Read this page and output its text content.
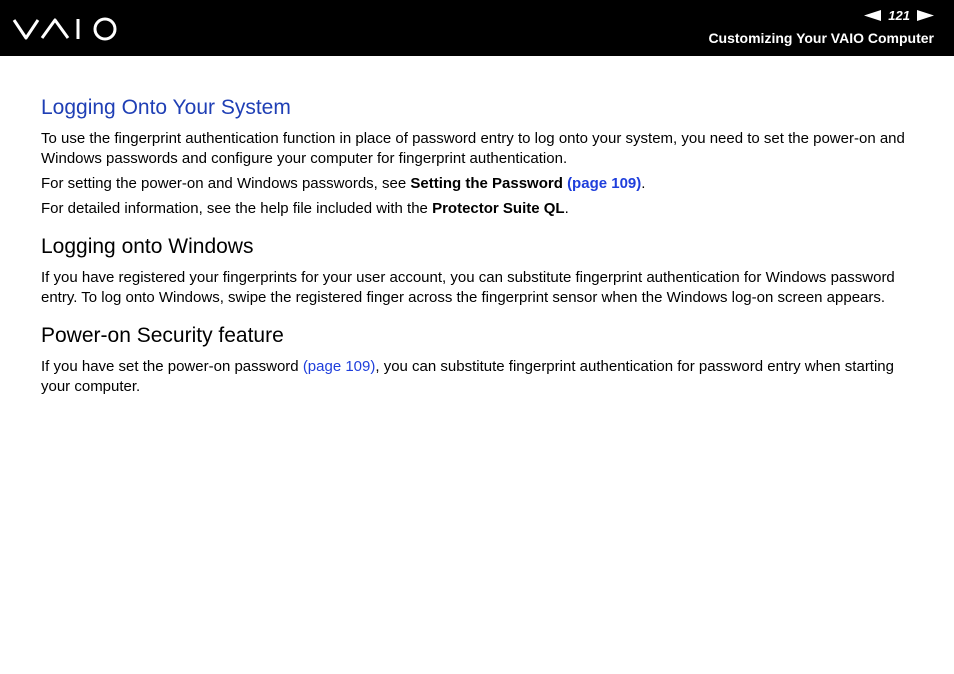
121
Customizing Your VAIO Computer
Logging Onto Your System

To use the fingerprint authentication function in place of password entry to log onto your system, you need to set the power-on and Windows passwords and configure your computer for fingerprint authentication.

For setting the power-on and Windows passwords, see Setting the Password (page 109).

For detailed information, see the help file included with the Protector Suite QL.

Logging onto Windows

If you have registered your fingerprints for your user account, you can substitute fingerprint authentication for Windows password entry. To log onto Windows, swipe the registered finger across the fingerprint sensor when the Windows log-on screen appears.

Power-on Security feature

If you have set the power-on password (page 109), you can substitute fingerprint authentication for password entry when starting your computer.
